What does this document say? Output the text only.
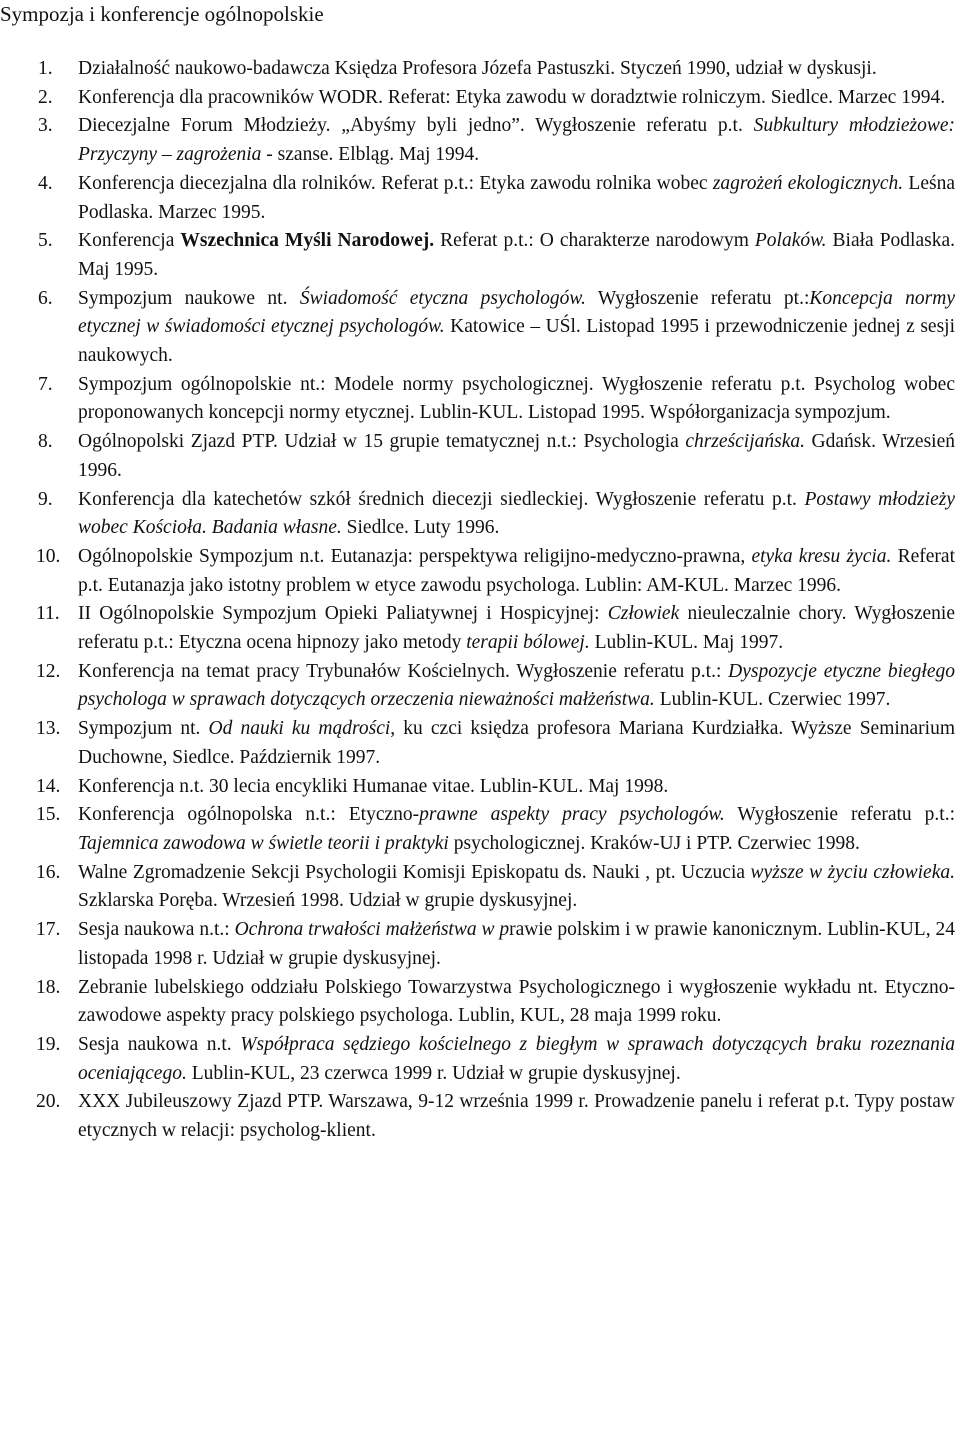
Sympozja i konferencje ogólnopolskie
1. Działalność naukowo-badawcza Księdza Profesora Józefa Pastuszki. Styczeń 1990, udział w dyskusji.
2. Konferencja dla pracowników WODR. Referat: Etyka zawodu w doradztwie rolniczym. Siedlce. Marzec 1994.
3. Diecezjalne Forum Młodzieży. „Abyśmy byli jedno”. Wygłoszenie referatu p.t. Subkultury młodzieżowe: Przyczyny – zagrożenia - szanse. Elbląg. Maj 1994.
4. Konferencja diecezjalna dla rolników. Referat p.t.: Etyka zawodu rolnika wobec zagrożeń ekologicznych. Leśna Podlaska. Marzec 1995.
5. Konferencja Wszechnica Myśli Narodowej. Referat p.t.: O charakterze narodowym Polaków. Biała Podlaska. Maj 1995.
6. Sympozjum naukowe nt. Świadomość etyczna psychologów. Wygłoszenie referatu pt.:Koncepcja normy etycznej w świadomości etycznej psychologów. Katowice – UŚl. Listopad 1995 i przewodniczenie jednej z sesji naukowych.
7. Sympozjum ogólnopolskie nt.: Modele normy psychologicznej. Wygłoszenie referatu p.t. Psycholog wobec proponowanych koncepcji normy etycznej. Lublin-KUL. Listopad 1995. Współorganizacja sympozjum.
8. Ogólnopolski Zjazd PTP. Udział w 15 grupie tematycznej n.t.: Psychologia chrześcijańska. Gdańsk. Wrzesień 1996.
9. Konferencja dla katechetów szkół średnich diecezji siedleckiej. Wygłoszenie referatu p.t. Postawy młodzieży wobec Kościoła. Badania własne. Siedlce. Luty 1996.
10. Ogólnopolskie Sympozjum n.t. Eutanazja: perspektywa religijno-medyczno-prawna, etyka kresu życia. Referat p.t. Eutanazja jako istotny problem w etyce zawodu psychologa. Lublin: AM-KUL. Marzec 1996.
11. II Ogólnopolskie Sympozjum Opieki Paliatywnej i Hospicyjnej: Człowiek nieuleczalnie chory. Wygłoszenie referatu p.t.: Etyczna ocena hipnozy jako metody terapii bólowej. Lublin-KUL. Maj 1997.
12. Konferencja na temat pracy Trybunałów Kościelnych. Wygłoszenie referatu p.t.: Dyspozycje etyczne biegłego psychologa w sprawach dotyczących orzeczenia nieważności małżeństwa. Lublin-KUL. Czerwiec 1997.
13. Sympozjum nt. Od nauki ku mądrości, ku czci księdza profesora Mariana Kurdziałka. Wyższe Seminarium Duchowne, Siedlce. Październik 1997.
14. Konferencja n.t. 30 lecia encykliki Humanae vitae. Lublin-KUL. Maj 1998.
15. Konferencja ogólnopolska n.t.: Etyczno-prawne aspekty pracy psychologów. Wygłoszenie referatu p.t.: Tajemnica zawodowa w świetle teorii i praktyki psychologicznej. Kraków-UJ i PTP. Czerwiec 1998.
16. Walne Zgromadzenie Sekcji Psychologii Komisji Episkopatu ds. Nauki , pt. Uczucia wyższe w życiu człowieka. Szklarska Poręba. Wrzesień 1998. Udział w grupie dyskusyjnej.
17. Sesja naukowa n.t.: Ochrona trwałości małżeństwa w prawie polskim i w prawie kanonicznym. Lublin-KUL, 24 listopada 1998 r. Udział w grupie dyskusyjnej.
18. Zebranie lubelskiego oddziału Polskiego Towarzystwa Psychologicznego i wygłoszenie wykładu nt. Etyczno-zawodowe aspekty pracy polskiego psychologa. Lublin, KUL, 28 maja 1999 roku.
19. Sesja naukowa n.t. Współpraca sędziego kościelnego z biegłym w sprawach dotyczących braku rozeznania oceniającego. Lublin-KUL, 23 czerwca 1999 r. Udział w grupie dyskusyjnej.
20. XXX Jubileuszowy Zjazd PTP. Warszawa, 9-12 września 1999 r. Prowadzenie panelu i referat p.t. Typy postaw etycznych w relacji: psycholog-klient.
